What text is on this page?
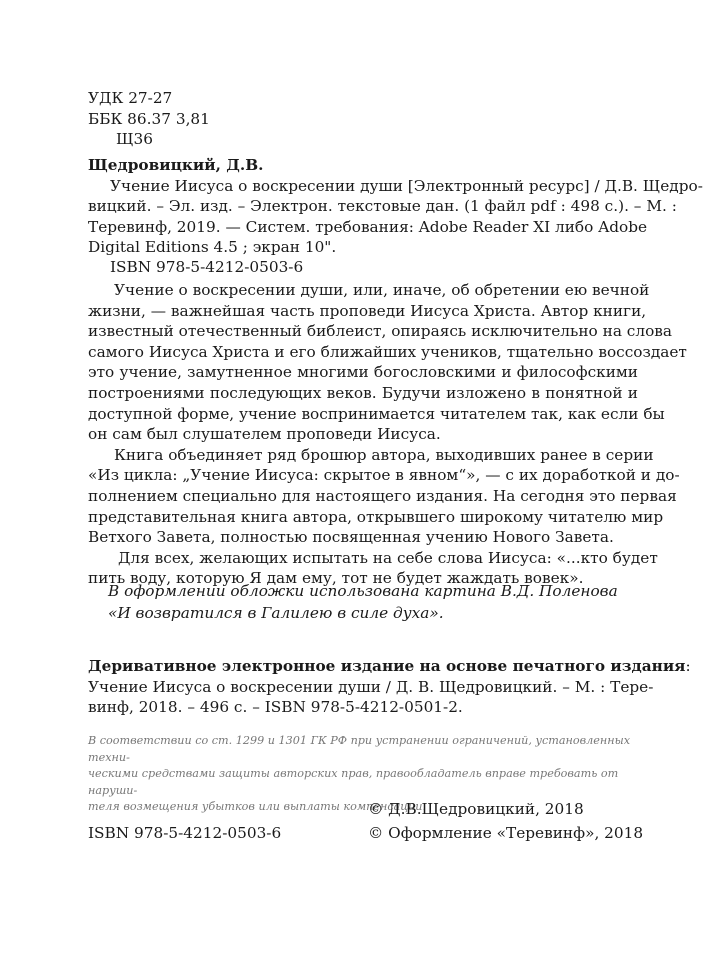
УДК 27-27
ББК 86.37 3,81
Щ36
Щедровицкий, Д.В.
Учение Иисуса о воскресении души [Электронный ресурс] / Д.В. Щедро-
вицкий. – Эл. изд. – Электрон. текстовые дан. (1 файл pdf : 498 с.). – М. :
Теревинф, 2019. — Систем. требования: Adobe Reader XI либо Adobe
Digital Editions 4.5 ; экран 10".
ISBN 978-5-4212-0503-6
Учение о воскресении души, или, иначе, об обретении ею вечной
жизни, — важнейшая часть проповеди Иисуса Христа. Автор книги,
известный отечественный библеист, опираясь исключительно на слова
самого Иисуса Христа и его ближайших учеников, тщательно воссоздает
это учение, замутненное многими богословскими и философскими
построениями последующих веков. Будучи изложено в понятной и
доступной форме, учение воспринимается читателем так, как если бы
он сам был слушателем проповеди Иисуса.
Книга объединяет ряд брошюр автора, выходивших ранее в серии
«Из цикла: „Учение Иисуса: скрытое в явном“», — с их доработкой и до-
полнением специально для настоящего издания. На сегодня это первая
представительная книга автора, открывшего широкому читателю мир
Ветхого Завета, полностью посвященная учению Нового Завета.
Для всех, желающих испытать на себе слова Иисуса: «...кто будет
пить воду, которую Я дам ему, тот не будет жаждать вовек».
В оформлении обложки использована картина В.Д. Поленова
«И возвратился в Галилею в силе духа».
Деривативное электронное издание на основе печатного издания:
Учение Иисуса о воскресении души / Д. В. Щедровицкий. – М. : Тере-
винф, 2018. – 496 с. – ISBN 978-5-4212-0501-2.
В соответствии со ст. 1299 и 1301 ГК РФ при устранении ограничений, установленных техни-
ческими средствами защиты авторских прав, правообладатель вправе требовать от наруши-
теля возмещения убытков или выплаты компенсации.
© Д.В.Щедровицкий, 2018
ISBN 978-5-4212-0503-6	© Оформление «Теревинф», 2018
